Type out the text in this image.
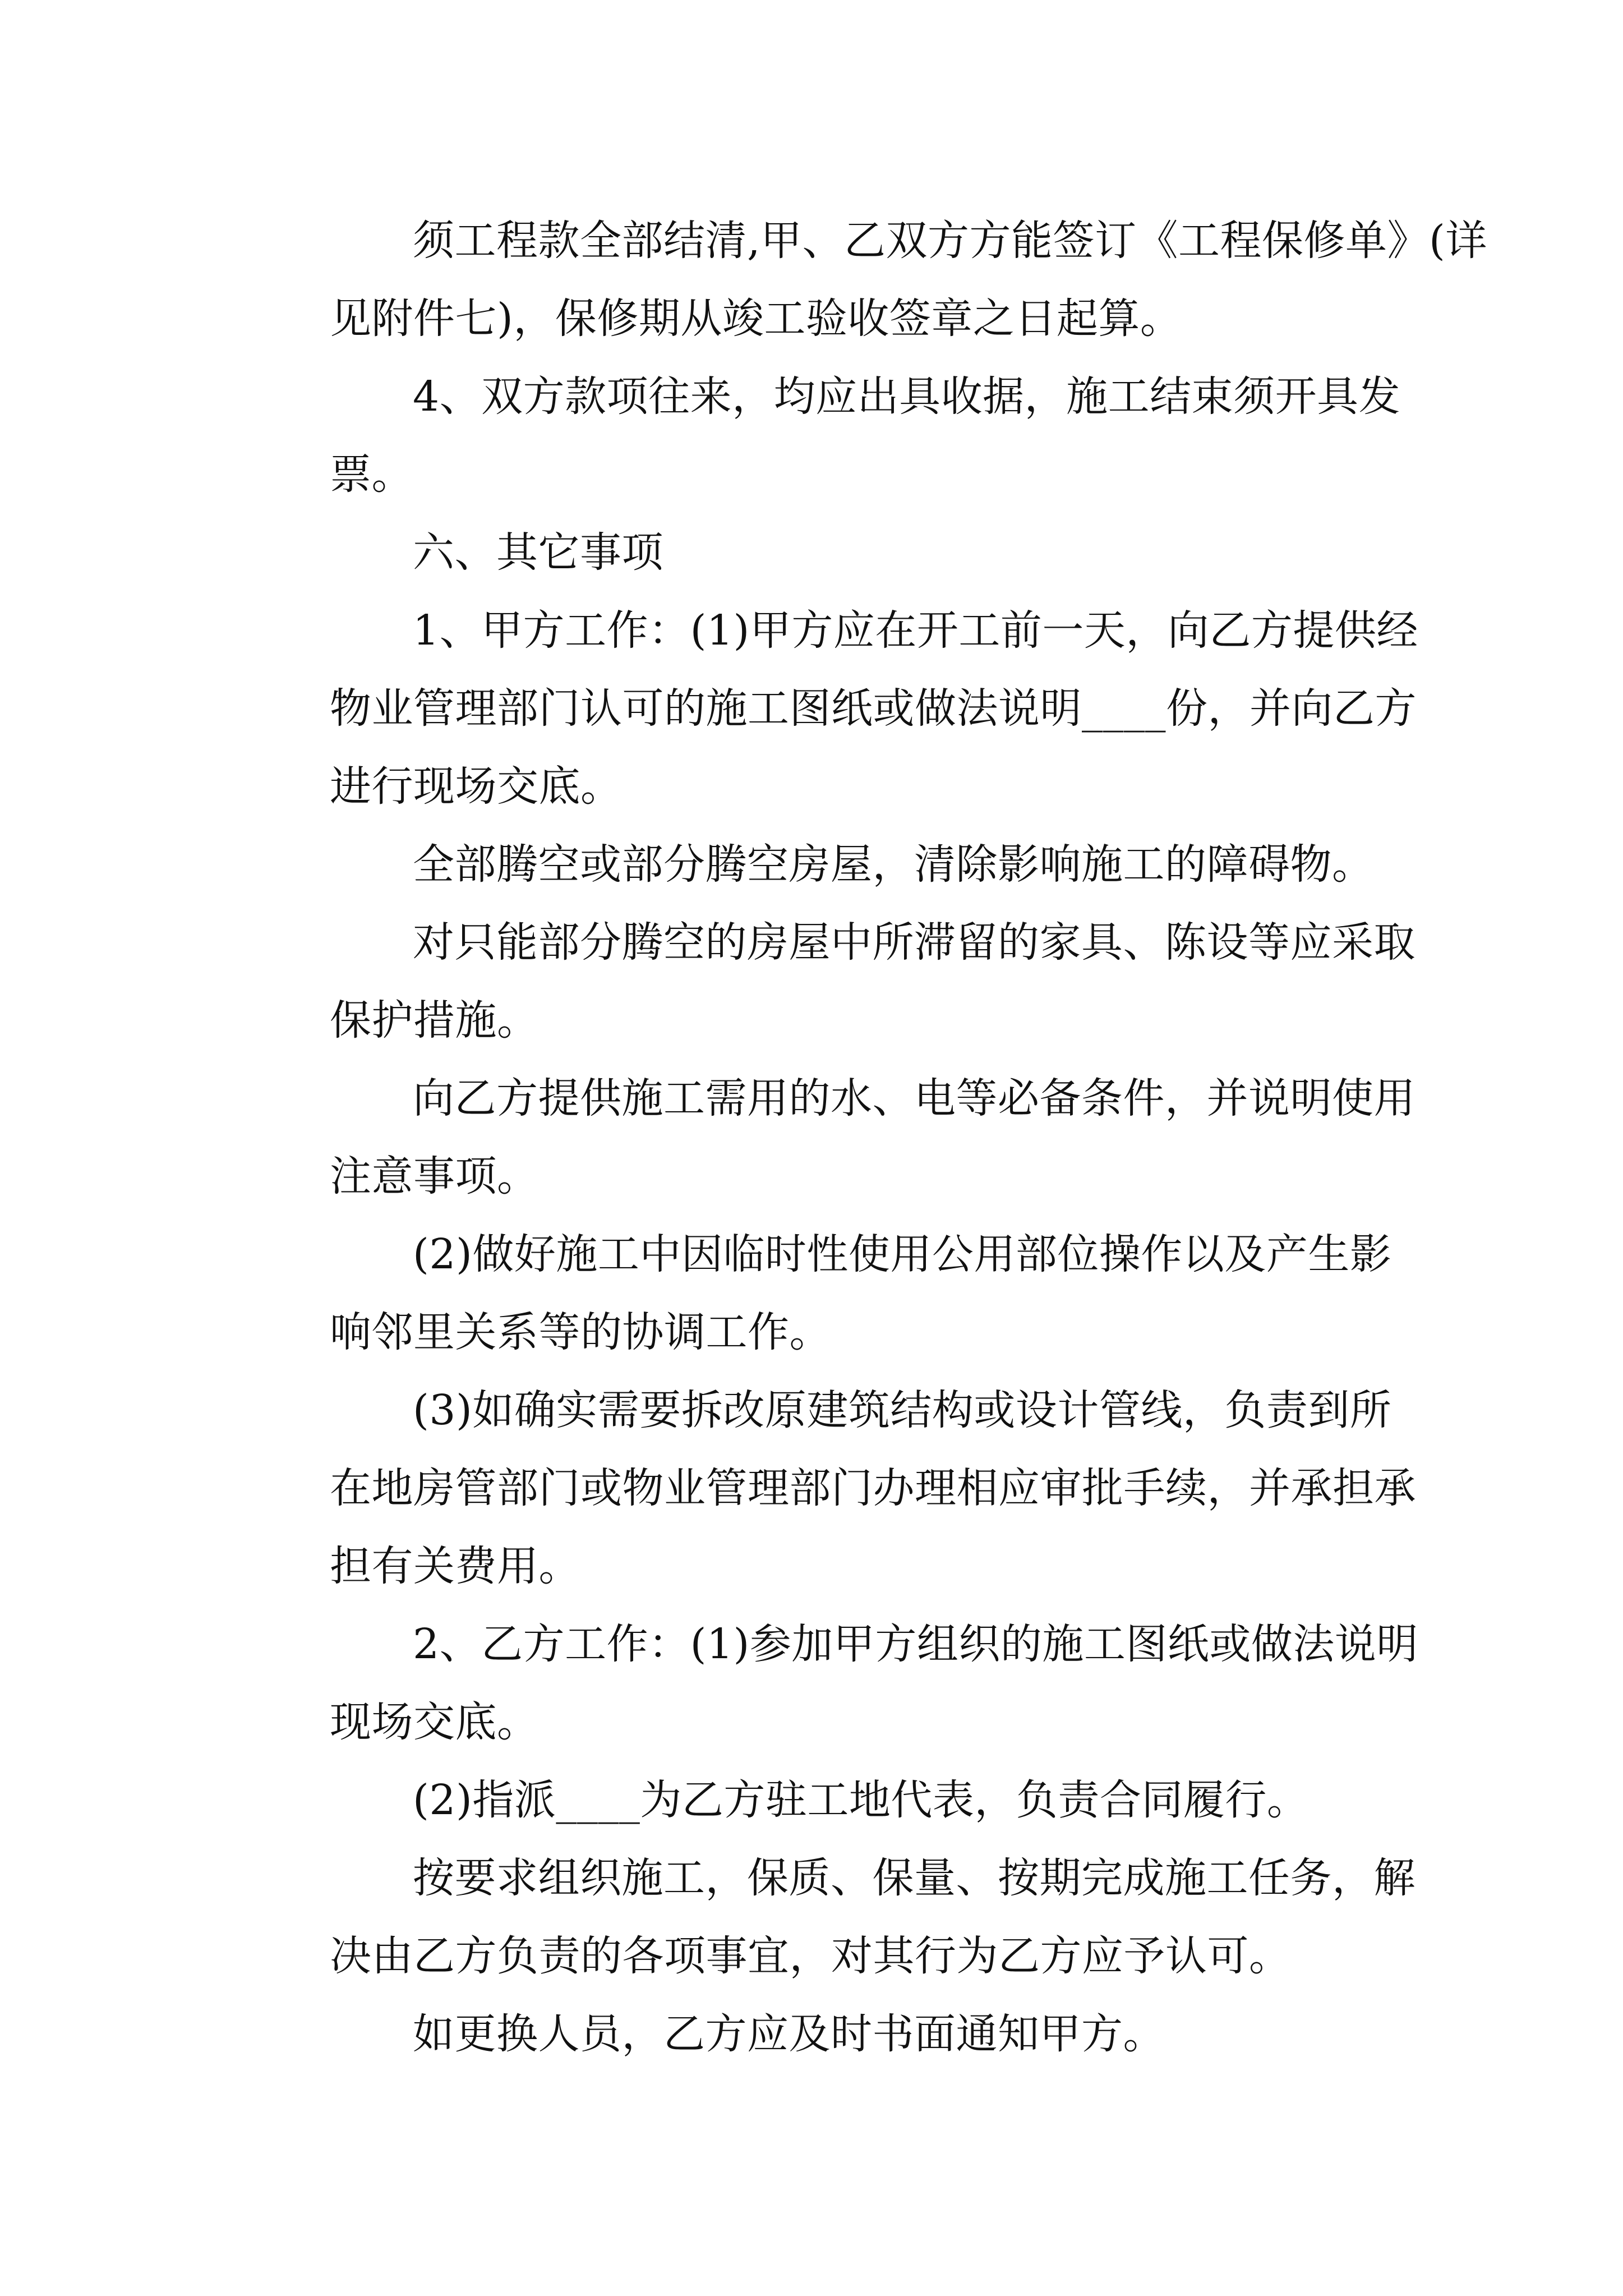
须工程款全部结清,甲、乙双方方能签订《工程保修单》(详
见附件七)，保修期从竣工验收签章之日起算。

4、双方款项往来，均应出具收据，施工结束须开具发
票。

六、其它事项

1、甲方工作：(1)甲方应在开工前一天，向乙方提供经
物业管理部门认可的施工图纸或做法说明____份，并向乙方
进行现场交底。

全部腾空或部分腾空房屋，清除影响施工的障碍物。

对只能部分腾空的房屋中所滞留的家具、陈设等应采取
保护措施。

向乙方提供施工需用的水、电等必备条件，并说明使用
注意事项。

(2)做好施工中因临时性使用公用部位操作以及产生影
响邻里关系等的协调工作。

(3)如确实需要拆改原建筑结构或设计管线，负责到所
在地房管部门或物业管理部门办理相应审批手续，并承担承
担有关费用。

2、乙方工作：(1)参加甲方组织的施工图纸或做法说明
现场交底。

(2)指派____为乙方驻工地代表，负责合同履行。

按要求组织施工，保质、保量、按期完成施工任务，解
决由乙方负责的各项事宜，对其行为乙方应予认可。

如更换人员，乙方应及时书面通知甲方。
